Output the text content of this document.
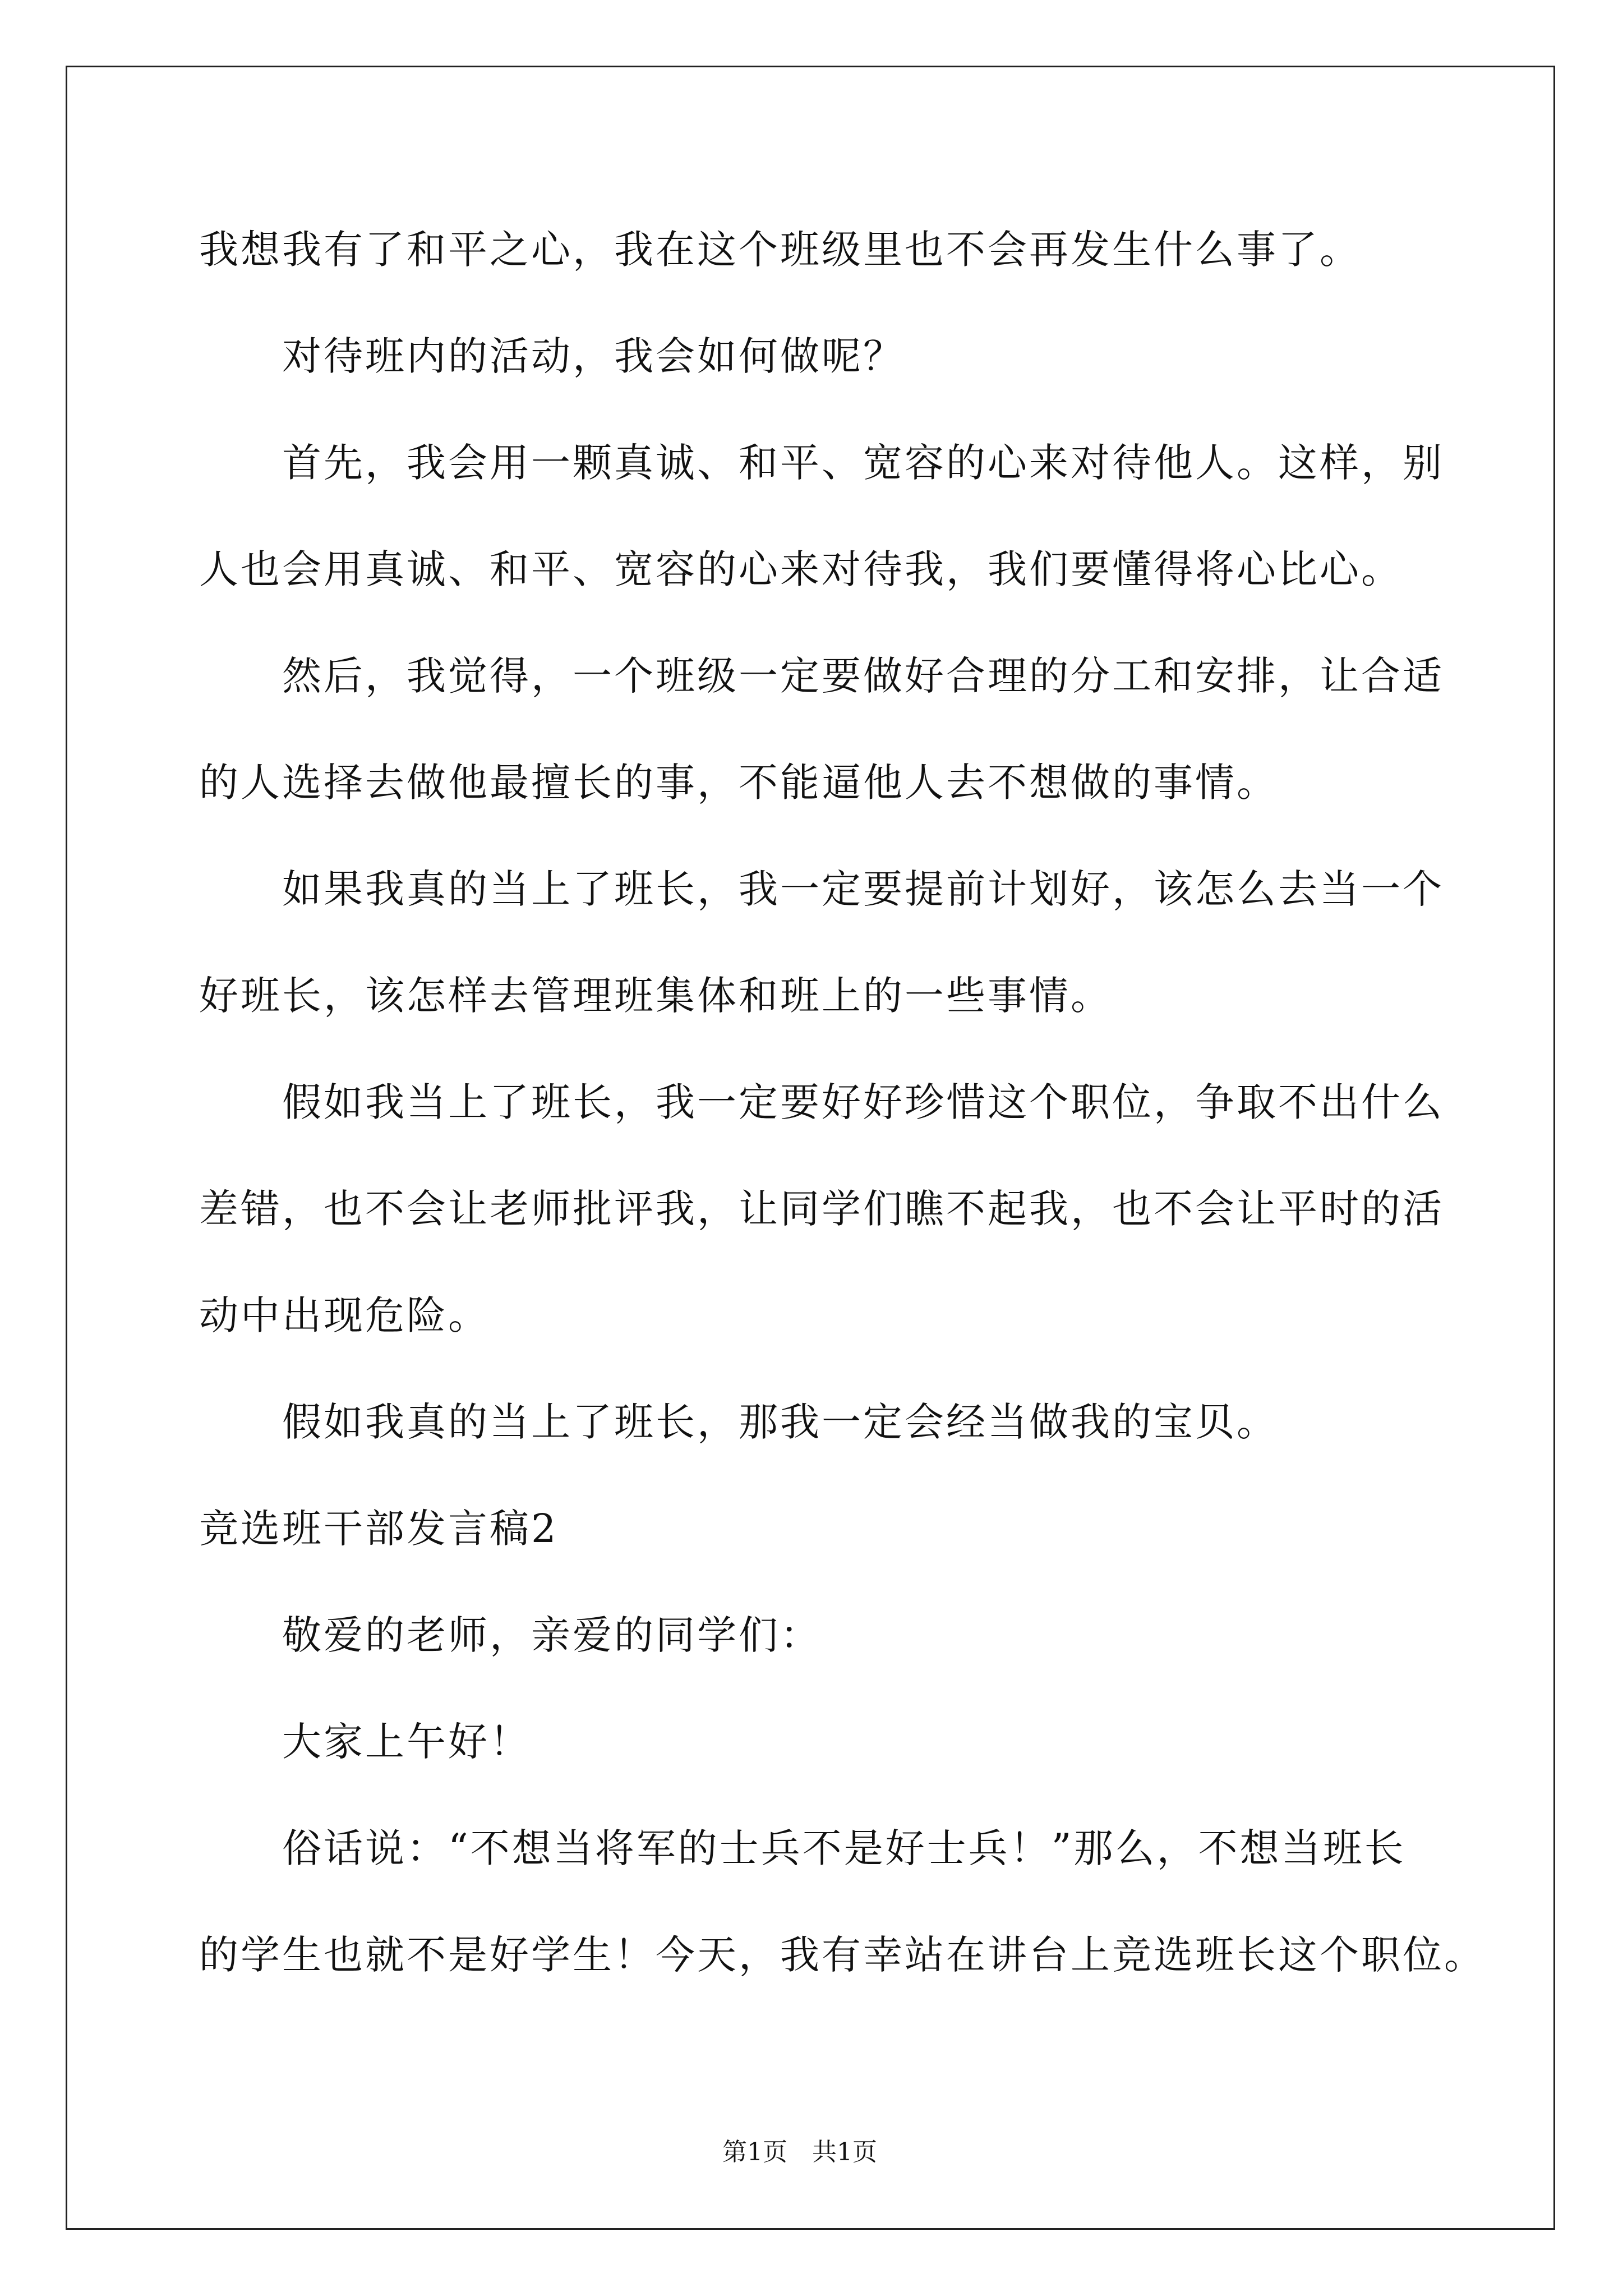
我想我有了和平之心，我在这个班级里也不会再发生什么事了。
对待班内的活动，我会如何做呢？
首先，我会用一颗真诚、和平、宽容的心来对待他人。这样，别
人也会用真诚、和平、宽容的心来对待我，我们要懂得将心比心。
然后，我觉得，一个班级一定要做好合理的分工和安排，让合适
的人选择去做他最擅长的事，不能逼他人去不想做的事情。
如果我真的当上了班长，我一定要提前计划好，该怎么去当一个
好班长，该怎样去管理班集体和班上的一些事情。
假如我当上了班长，我一定要好好珍惜这个职位，争取不出什么
差错，也不会让老师批评我，让同学们瞧不起我，也不会让平时的活
动中出现危险。
假如我真的当上了班长，那我一定会经当做我的宝贝。
竞选班干部发言稿2
敬爱的老师，亲爱的同学们：
大家上午好！
俗话说：“不想当将军的士兵不是好士兵！”那么，不想当班长
的学生也就不是好学生！今天，我有幸站在讲台上竞选班长这个职位。
第1页　共1页
